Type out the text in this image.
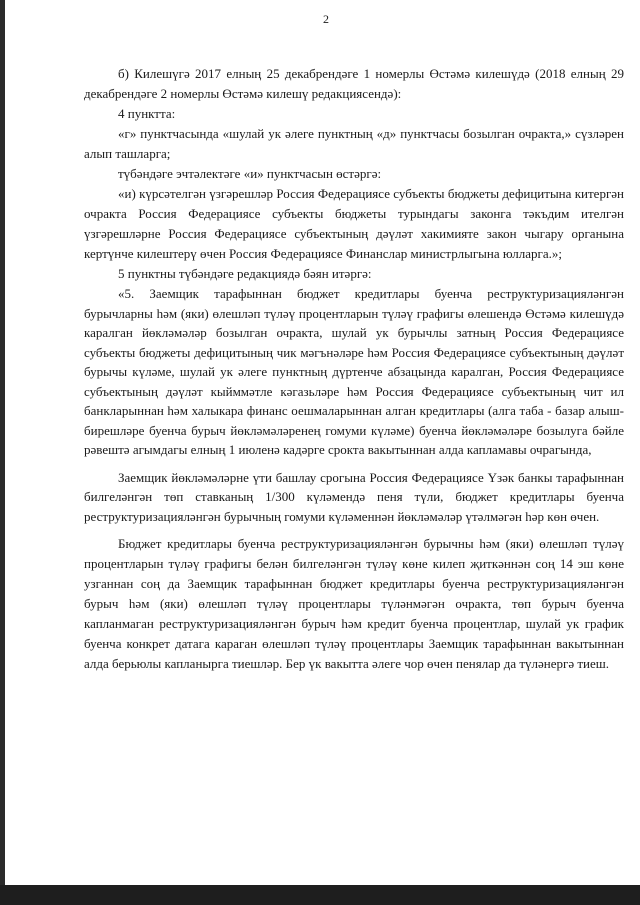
2

б) Килешүгә 2017 елның 25 декабрендәге 1 номерлы Өстәмә килешүдә (2018 елның 29 декабрендәге 2 номерлы Өстәмә килешү редакциясендә):

4 пунктта:

«г» пунктчасында «шулай ук әлеге пунктның «д» пунктчасы бозылган очракта,» сүзләрен алып ташларга;

түбәндәге эчтәлектәге «и» пунктчасын өстәргә:

«и) күрсәтелгән үзгәрешләр Россия Федерациясе субъекты бюджеты дефицитына китергән очракта Россия Федерациясе субъекты бюджеты турындагы законга тәкъдим ителгән үзгәрешләрне Россия Федерациясе субъектының дәүләт хакимияте закон чыгару органына кертүнче килештерү өчен Россия Федерациясе Финанслар министрлыгына юлларга.»;

5 пунктны түбәндәге редакциядә бәян итәргә:

«5. Заемщик тарафыннан бюджет кредитлары буенча реструктуризацияләнгән бурычларны һәм (яки) өлешләп түләү процентларын түләү графигы өлешендә Өстәмә килешүдә каралган йөкләмәләр бозылган очракта, шулай ук бурычлы затның Россия Федерациясе субъекты бюджеты дефицитының чик мәгънәләре һәм Россия Федерациясе субъектының дәүләт бурычы күләме, шулай ук әлеге пунктның дүртенче абзацында каралган, Россия Федерациясе субъектының дәүләт кыйммәтле кәгазьләре һәм Россия Федерациясе субъектының чит ил банкларыннан һәм халыкара финанс оешмаларыннан алган кредитлары (алга таба - базар алыш-бирешләре буенча бурыч йөкләмәләренең гомуми күләме) буенча йөкләмәләре бозылуга бәйле рәвештә агымдагы елның 1 июленә кадәрге срокта вакытыннан алда капламавы очрагында,

Заемщик йөкләмәләрне үти башлау срогына Россия Федерациясе Үзәк банкы тарафыннан билгеләнгән төп ставканың 1/300 күләмендә пеня түли, бюджет кредитлары буенча реструктуризацияләнгән бурычның гомуми күләменнән йөкләмәләр үтәлмәгән һәр көн өчен.

Бюджет кредитлары буенча реструктуризацияләнгән бурычны һәм (яки) өлешләп түләү процентларын түләү графигы белән билгеләнгән түләү көне килеп җиткәннән соң 14 эш көне узганнан соң да Заемщик тарафыннан бюджет кредитлары буенча реструктуризацияләнгән бурыч һәм (яки) өлешләп түләү процентлары түләнмәгән очракта, төп бурыч буенча капланмаган реструктуризацияләнгән бурыч һәм кредит буенча процентлар, шулай ук график буенча конкрет датага караган өлешләп түләү процентлары Заемщик тарафыннан вакытыннан алда берьюлы капланырга тиешләр. Бер үк вакытта әлеге чор өчен пенялар да түләнергә тиеш.
